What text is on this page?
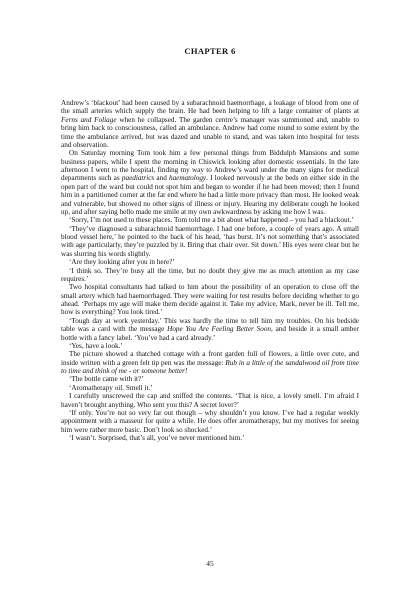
CHAPTER 6

Andrew’s ‘blackout’ had been caused by a subarachnoid haemorrhage, a leakage of blood from one of the small arteries which supply the brain. He had been helping to lift a large container of plants at Ferns and Foliage when he collapsed. The garden centre’s manager was summoned and, unable to bring him back to consciousness, called an ambulance. Andrew had come round to some extent by the time the ambulance arrived, but was dazed and unable to stand, and was taken into hospital for tests and observation.

On Saturday morning Tom took him a few personal things from Biddulph Mansions and some business papers, while I spent the morning in Chiswick looking after domestic essentials. In the late afternoon I went to the hospital, finding my way to Andrew’s ward under the many signs for medical departments such as paediatrics and haematology. I looked nervously at the beds on either side in the open part of the ward but could not spot him and began to wonder if he had been moved; then I found him in a partitioned corner at the far end where he had a little more privacy than most. He looked weak and vulnerable, but showed no other signs of illness or injury. Hearing my deliberate cough he looked up, and after saying hello made me smile at my own awkwardness by asking me how I was.

‘Sorry, I’m not used to these places. Tom told me a bit about what happened – you had a blackout.’

‘They’ve diagnosed a subarachnoid haemorrhage. I had one before, a couple of years ago. A small blood vessel here,’ he pointed to the back of his head, ‘has burst. It’s not something that’s associated with age particularly, they’re puzzled by it. Bring that chair over. Sit down.’ His eyes were clear but he was slurring his words slightly.

‘Are they looking after you in here?’

‘I think so. They’re busy all the time, but no doubt they give me as much attention as my case requires.’

Two hospital consultants had talked to him about the possibility of an operation to close off the small artery which had haemorrhaged. They were waiting for test results before deciding whether to go ahead. ‘Perhaps my age will make them decide against it. Take my advice, Mark, never be ill. Tell me, how is everything? You look tired.’

‘Tough day at work yesterday.’ This was hardly the time to tell him my troubles. On his bedside table was a card with the message Hope You Are Feeling Better Soon, and beside it a small amber bottle with a fancy label. ‘You’ve had a card already.’

‘Yes, have a look.’

The picture showed a thatched cottage with a front garden full of flowers, a little over cute, and inside written with a green felt tip pen was the message: Rub in a little of the sandalwood oil from time to time and think of me - or someone better!

‘The bottle came with it?’

‘Aromatherapy oil. Smell it.’

I carefully unscrewed the cap and sniffed the contents. ‘That is nice, a lovely smell. I’m afraid I haven’t brought anything. Who sent you this? A secret lover?’

‘If only. You’re not so very far out though – why shouldn’t you know. I’ve had a regular weekly appointment with a masseur for quite a while. He does offer aromatherapy, but my motives for seeing him were rather more basic. Don’t look so shocked.’

‘I wasn’t. Surprised, that’s all, you’ve never mentioned him.’

45
